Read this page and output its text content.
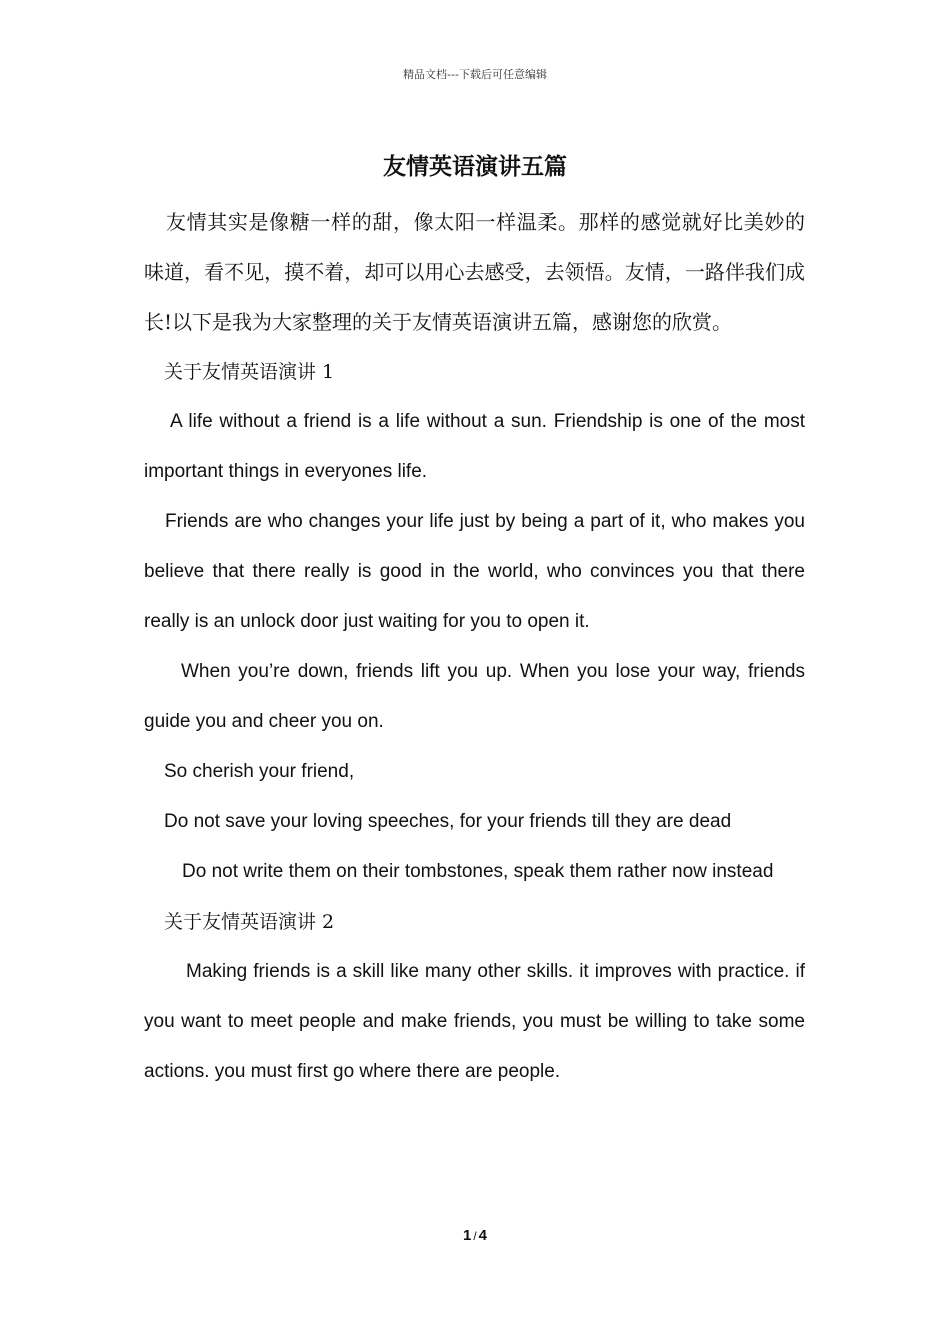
精品文档---下载后可任意编辑
友情英语演讲五篇

友情其实是像糖一样的甜，像太阳一样温柔。那样的感觉就好比美妙的味道，看不见，摸不着，却可以用心去感受，去领悟。友情，一路伴我们成长!以下是我为大家整理的关于友情英语演讲五篇，感谢您的欣赏。

关于友情英语演讲 1

A life without a friend is a life without a sun. Friendship is one of the most important things in everyones life.

Friends are who changes your life just by being a part of it, who makes you believe that there really is good in the world, who convinces you that there really is an unlock door just waiting for you to open it.

When you’re down, friends lift you up. When you lose your way, friends guide you and cheer you on.

So cherish your friend,

Do not save your loving speeches, for your friends till they are dead

Do not write them on their tombstones, speak them rather now instead

关于友情英语演讲 2

Making friends is a skill like many other skills. it improves with practice. if you want to meet people and make friends, you must be willing to take some actions. you must first go where there are people.

1 / 4
